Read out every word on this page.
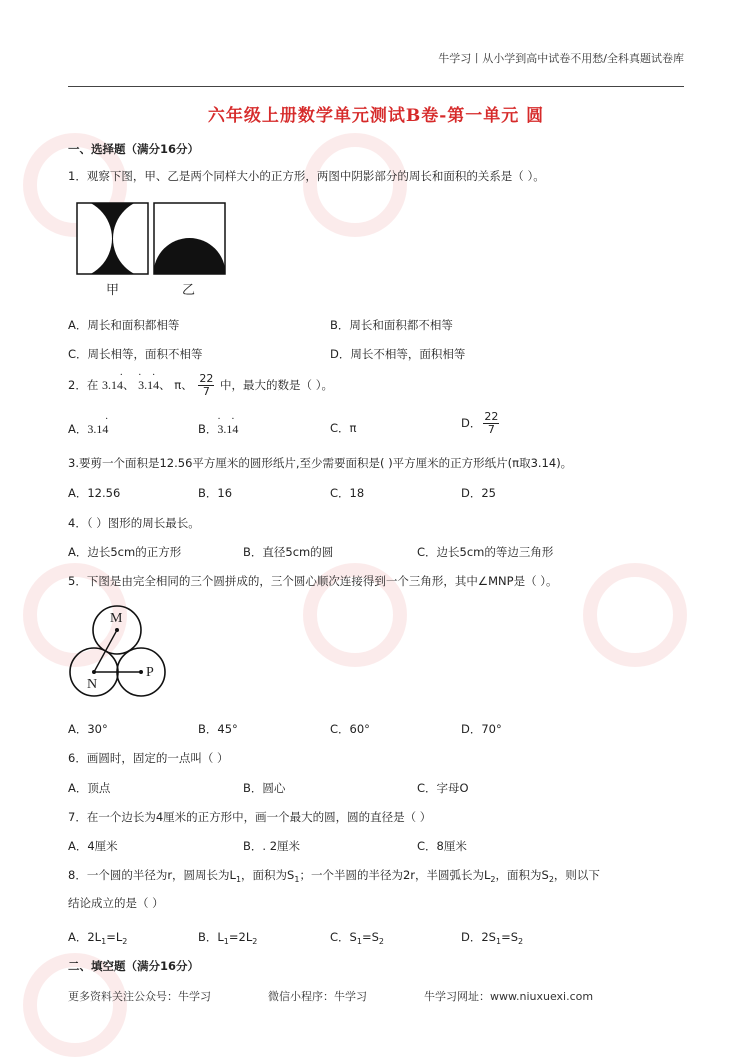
牛学习丨从小学到高中试卷不用愁/全科真题试卷库
六年级上册数学单元测试B卷-第一单元 圆
一、选择题（满分16分）
1．观察下图，甲、乙是两个同样大小的正方形，两图中阴影部分的周长和面积的关系是（ ）。
甲	乙
A．周长和面积都相等	B．周长和面积都不相等
C．周长相等，面积不相等	D．周长不相等，面积相等
2．在
·
3.14、
· ·
3.14、 π、 $\frac{22}{7}$ 中，最大的数是（ ）。
A．
·
3.14	B．
· ·
3.14	C．π	D． $\frac{22}{7}$
3.要剪一个面积是12.56平方厘米的圆形纸片,至少需要面积是( )平方厘米的正方形纸片(π取3.14)。
A．12.56	B．16	C．18	D．25
4．（ ）图形的周长最长。
A．边长5cm的正方形	B．直径5cm的圆	C．边长5cm的等边三角形
5．下图是由完全相同的三个圆拼成的，三个圆心顺次连接得到一个三角形，其中∠MNP是（ ）。
M
N
P
A．30°	B．45°	C．60°	D．70°
6．画圆时，固定的一点叫（ ）
A．顶点	B．圆心	C．字母O
7．在一个边长为4厘米的正方形中，画一个最大的圆，圆的直径是（ ）
A．4厘米	B．. 2厘米	C．8厘米
8．一个圆的半径为r，圆周长为$L_1$，面积为$S_1$；一个半圆的半径为2r，半圆弧长为$L_2$，面积为$S_2$，则以下
结论成立的是（ ）
A．$2L_1=L_2$	B．$L_1=2L_2$	C．$S_1=S_2$	D．$2S_1=S_2$
二、填空题（满分16分）
更多资料关注公众号：牛学习	微信小程序：牛学习	牛学习网址：www.niuxuexi.com
